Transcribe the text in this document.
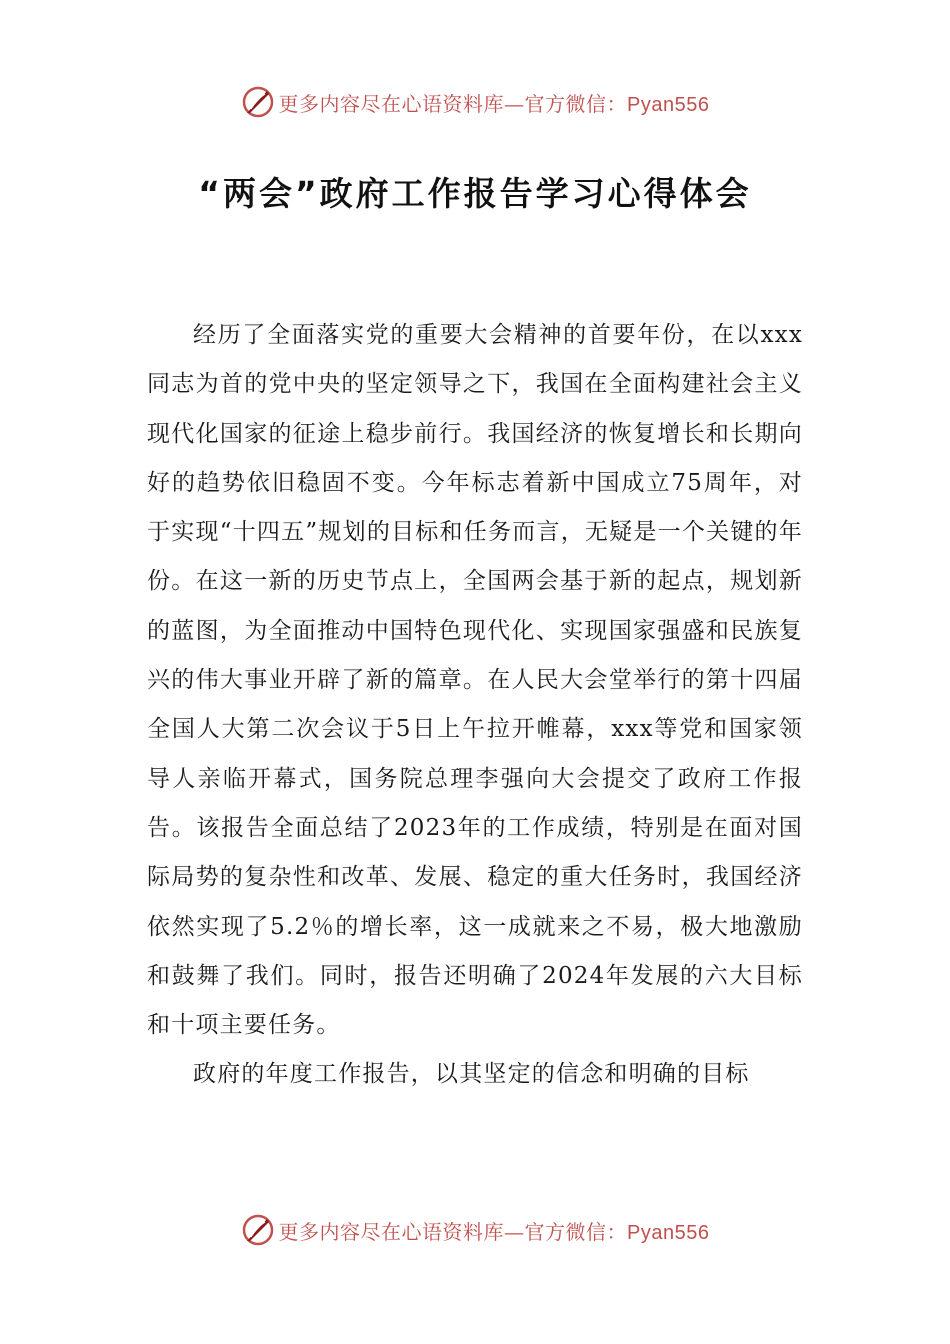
更多内容尽在心语资料库—官方微信：Pyan556
“两会”政府工作报告学习心得体会

经历了全面落实党的重要大会精神的首要年份，在以xxx同志为首的党中央的坚定领导之下，我国在全面构建社会主义现代化国家的征途上稳步前行。我国经济的恢复增长和长期向好的趋势依旧稳固不变。今年标志着新中国成立75周年，对于实现“十四五”规划的目标和任务而言，无疑是一个关键的年份。在这一新的历史节点上，全国两会基于新的起点，规划新的蓝图，为全面推动中国特色现代化、实现国家强盛和民族复兴的伟大事业开辟了新的篇章。在人民大会堂举行的第十四届全国人大第二次会议于5日上午拉开帷幕，xxx等党和国家领导人亲临开幕式，国务院总理李强向大会提交了政府工作报告。该报告全面总结了2023年的工作成绩，特别是在面对国际局势的复杂性和改革、发展、稳定的重大任务时，我国经济依然实现了5.2％的增长率，这一成就来之不易，极大地激励和鼓舞了我们。同时，报告还明确了2024年发展的六大目标和十项主要任务。

政府的年度工作报告，以其坚定的信念和明确的目标

更多内容尽在心语资料库—官方微信：Pyan556
